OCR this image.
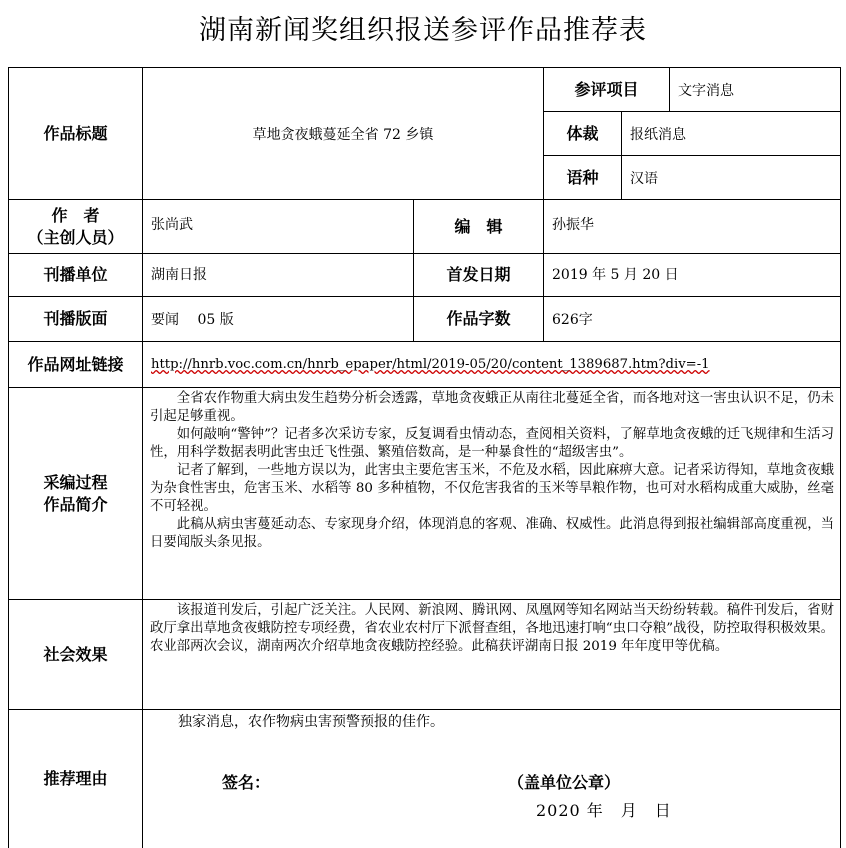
湖南新闻奖组织报送参评作品推荐表
作品标题	草地贪夜蛾蔓延全省 72 乡镇
参评项目	文字消息
体裁	报纸消息
语种	汉语
作　者
（主创人员）
张尚武	编　辑	孙振华
刊播单位	湖南日报	首发日期	2019 年 5 月 20 日
刊播版面	要闻　 05 版	作品字数	626字
作品网址链接	http://hnrb.voc.com.cn/hnrb_epaper/html/2019-05/20/content_1389687.htm?div=-1
采编过程
作品简介

全省农作物重大病虫发生趋势分析会透露，草地贪夜蛾正从南往北蔓延全省，而各地对这一害虫认识不足，仍未引起足够重视。

如何敲响“警钟”？记者多次采访专家，反复调看虫情动态，查阅相关资料，了解草地贪夜蛾的迁飞规律和生活习性，用科学数据表明此害虫迁飞性强、繁殖倍数高，是一种暴食性的“超级害虫”。

记者了解到，一些地方误以为，此害虫主要危害玉米，不危及水稻，因此麻痹大意。记者采访得知，草地贪夜蛾为杂食性害虫，危害玉米、水稻等 80 多种植物，不仅危害我省的玉米等旱粮作物，也可对水稻构成重大威胁，丝毫不可轻视。

此稿从病虫害蔓延动态、专家现身介绍，体现消息的客观、准确、权威性。此消息得到报社编辑部高度重视，当日要闻版头条见报。

社会效果

该报道刊发后，引起广泛关注。人民网、新浪网、腾讯网、凤凰网等知名网站当天纷纷转载。稿件刊发后，省财政厅拿出草地贪夜蛾防控专项经费，省农业农村厅下派督查组，各地迅速打响“虫口夺粮”战役，防控取得积极效果。农业部两次会议，湖南两次介绍草地贪夜蛾防控经验。此稿获评湖南日报 2019 年年度甲等优稿。

推荐理由

独家消息，农作物病虫害预警预报的佳作。

签名：	（盖单位公章）
2020 年　月　日
